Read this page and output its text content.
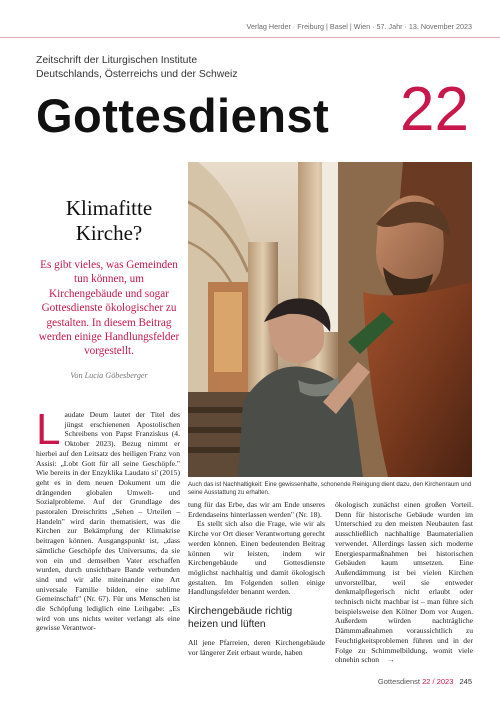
Verlag Herder · Freiburg | Basel | Wien · 57. Jahr · 13. November 2023
Zeitschrift der Liturgischen Institute
Deutschlands, Österreichs und der Schweiz
Gottesdienst 22
Klimafitte
Kirche?
Es gibt vieles, was Gemeinden tun können, um Kirchengebäude und sogar Gottesdienste ökologischer zu gestalten. In diesem Beitrag werden einige Handlungsfelder vorgestellt.
Von Lucia Göbesberger
Auch das ist Nachhaltigkeit: Eine gewissenhafte, schonende Reinigung dient dazu, den Kirchenraum und seine Ausstattung zu erhalten.
L audate Deum lautet der Titel des jüngst erschienenen Apostolischen Schreibens von Papst Franziskus (4. Oktober 2023). Bezug nimmt er hierbei auf den Leitsatz des heiligen Franz von Assisi: „Lobt Gott für all seine Geschöpfe." Wie bereits in der Enzyklika Laudato si' (2015) geht es in dem neuen Dokument um die drängenden globalen Umwelt- und Sozialprobleme. Auf der Grundlage des pastoralen Dreischritts „Sehen – Urteilen – Handeln" wird darin thematisiert, was die Kirchen zur Bekämpfung der Klimakrise beitragen können. Ausgangspunkt ist, „dass sämtliche Geschöpfe des Universums, da sie von ein und demselben Vater erschaffen wurden, durch unsichtbare Bande verbunden sind und wir alle miteinander eine Art universale Familie bilden, eine sublime Gemeinschaft" (Nr. 67). Für uns Menschen ist die Schöpfung lediglich eine Leihgabe: „Es wird von uns nichts weiter verlangt als eine gewisse Verantwor-

tung für das Erbe, das wir am Ende unseres Erdendaseins hinterlassen werden" (Nr. 18).

Es stellt sich also die Frage, wie wir als Kirche vor Ort dieser Verantwortung gerecht werden können. Einen bedeutenden Beitrag können wir leisten, indem wir Kirchengebäude und Gottesdienste möglichst nachhaltig und damit ökologisch gestalten. Im Folgenden sollen einige Handlungsfelder benannt werden.

Kirchengebäude richtig heizen und lüften

All jene Pfarreien, deren Kirchengebäude vor längerer Zeit erbaut wurde, haben

ökologisch zunächst einen großen Vorteil. Denn für historische Gebäude wurden im Unterschied zu den meisten Neubauten fast ausschließlich nachhaltige Baumaterialien verwendet. Allerdings lassen sich moderne Energiesparmaßnahmen bei historischen Gebäuden kaum umsetzen. Eine Außendämmung ist bei vielen Kirchen unvorstellbar, weil sie entweder denkmalpflegerisch nicht erlaubt oder technisch nicht machbar ist – man führe sich beispielsweise den Kölner Dom vor Augen. Außerdem würden nachträgliche Dämmmaßnahmen voraussichtlich zu Feuchtigkeitsproblemen führen und in der Folge zu Schimmelbildung, womit viele ohnehin schon →

Gottesdienst 22 / 2023 245
